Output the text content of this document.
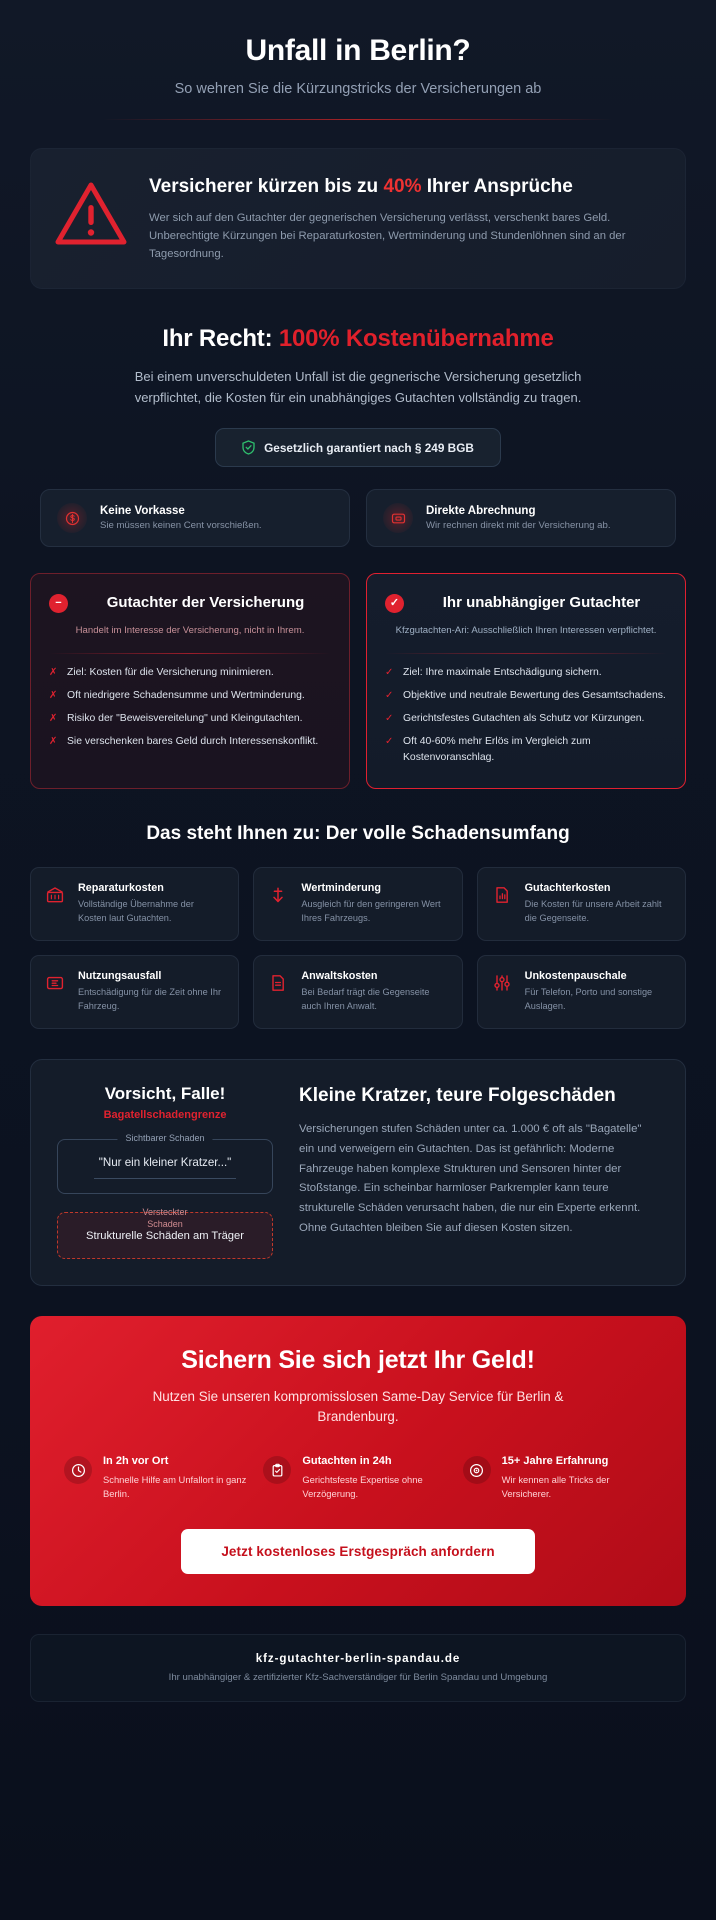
Unfall in Berlin?
So wehren Sie die Kürzungstricks der Versicherungen ab
Versicherer kürzen bis zu 40% Ihrer Ansprüche

Wer sich auf den Gutachter der gegnerischen Versicherung verlässt, verschenkt bares Geld. Unberechtigte Kürzungen bei Reparaturkosten, Wertminderung und Stundenlöhnen sind an der Tagesordnung.

Ihr Recht: 100% Kostenübernahme

Bei einem unverschuldeten Unfall ist die gegnerische Versicherung gesetzlich verpflichtet, die Kosten für ein unabhängiges Gutachten vollständig zu tragen.

Gesetzlich garantiert nach § 249 BGB
Keine Vorkasse
Sie müssen keinen Cent vorschießen.
Direkte Abrechnung
Wir rechnen direkt mit der Versicherung ab.
−	Gutachter der Versicherung
Handelt im Interesse der Versicherung, nicht in Ihrem.
✗ Ziel: Kosten für die Versicherung minimieren.
✗ Oft niedrigere Schadensumme und Wertminderung.
✗ Risiko der "Beweisvereitelung" und Kleingutachten.
✗ Sie verschenken bares Geld durch Interessenskonflikt.
✓	Ihr unabhängiger Gutachter
Kfzgutachten-Ari: Ausschließlich Ihren Interessen verpflichtet.
✓ Ziel: Ihre maximale Entschädigung sichern.
✓ Objektive und neutrale Bewertung des Gesamtschadens.
✓ Gerichtsfestes Gutachten als Schutz vor Kürzungen.
✓ Oft 40-60% mehr Erlös im Vergleich zum Kostenvoranschlag.
Das steht Ihnen zu: Der volle Schadensumfang
Reparaturkosten
Vollständige Übernahme der Kosten laut Gutachten.
Wertminderung
Ausgleich für den geringeren Wert Ihres Fahrzeugs.
Gutachterkosten
Die Kosten für unsere Arbeit zahlt die Gegenseite.
Nutzungsausfall
Entschädigung für die Zeit ohne Ihr Fahrzeug.
Anwaltskosten
Bei Bedarf trägt die Gegenseite auch Ihren Anwalt.
Unkostenpauschale
Für Telefon, Porto und sonstige Auslagen.
Vorsicht, Falle!
Bagatellschadengrenze
Sichtbarer Schaden
"Nur ein kleiner Kratzer..."
Versteckter Schaden
Strukturelle Schäden am Träger
Kleine Kratzer, teure Folgeschäden

Versicherungen stufen Schäden unter ca. 1.000 € oft als "Bagatelle" ein und verweigern ein Gutachten. Das ist gefährlich: Moderne Fahrzeuge haben komplexe Strukturen und Sensoren hinter der Stoßstange. Ein scheinbar harmloser Parkrempler kann teure strukturelle Schäden verursacht haben, die nur ein Experte erkennt. Ohne Gutachten bleiben Sie auf diesen Kosten sitzen.

Sichern Sie sich jetzt Ihr Geld!
Nutzen Sie unseren kompromisslosen Same-Day Service für Berlin & Brandenburg.
In 2h vor Ort
Schnelle Hilfe am Unfallort in ganz Berlin.
Gutachten in 24h
Gerichtsfeste Expertise ohne Verzögerung.
15+ Jahre Erfahrung
Wir kennen alle Tricks der Versicherer.
Jetzt kostenloses Erstgespräch anfordern
kfz-gutachter-berlin-spandau.de
Ihr unabhängiger & zertifizierter Kfz-Sachverständiger für Berlin Spandau und Umgebung
